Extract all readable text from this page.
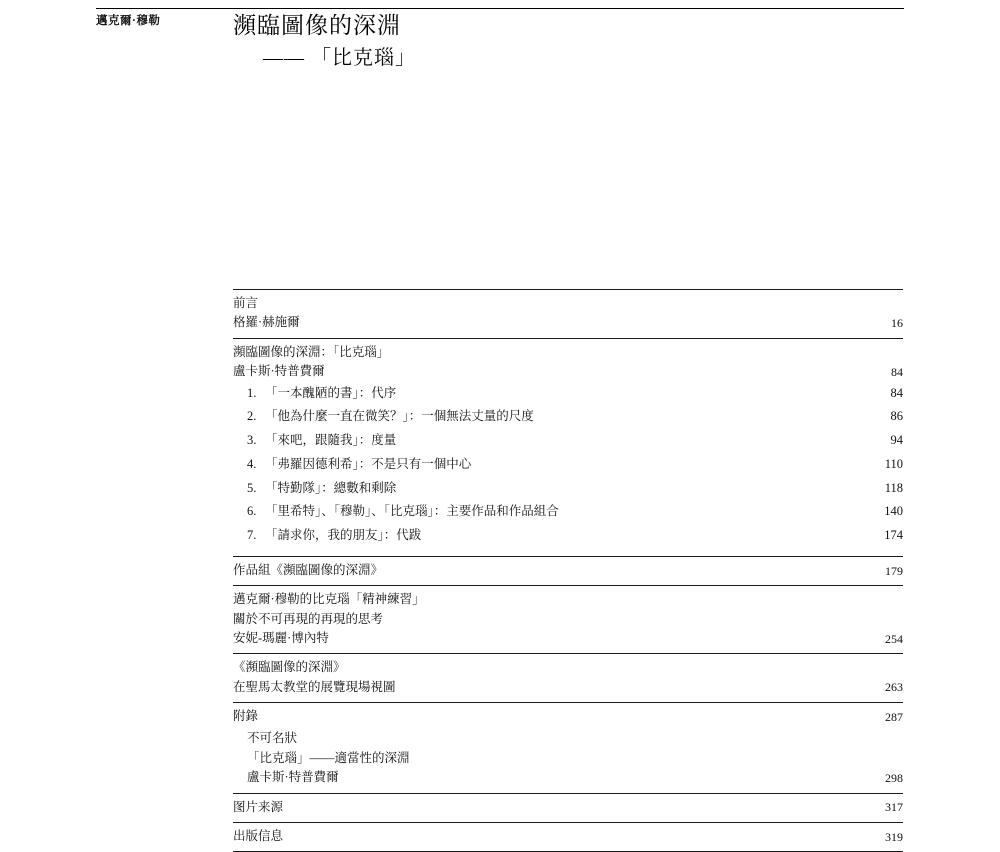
邁克爾·穆勒	瀕臨圖像的深淵
—— 「比克瑙」
前言
格羅·赫施爾	16
瀕臨圖像的深淵：「比克瑙」
盧卡斯·特普費爾	84
1. 「一本醜陋的書」：代序	84
2. 「他為什麼一直在微笑？」：一個無法丈量的尺度	86
3. 「來吧，跟隨我」：度量	94
4. 「弗羅因德利希」：不是只有一個中心	110
5. 「特勤隊」：總數和剩除	118
6. 「里希特」、「穆勒」、「比克瑙」：主要作品和作品組合	140
7. 「請求你，我的朋友」：代跋	174
作品組《瀕臨圖像的深淵》	179
邁克爾·穆勒的比克瑙「精神練習」
關於不可再現的再現的思考
安妮-瑪麗·博內特	254
《瀕臨圖像的深淵》
在聖馬太教堂的展覽現場視圖	263
附錄	287
不可名狀
「比克瑙」——適當性的深淵
盧卡斯·特普費爾	298
图片来源	317
出版信息	319
